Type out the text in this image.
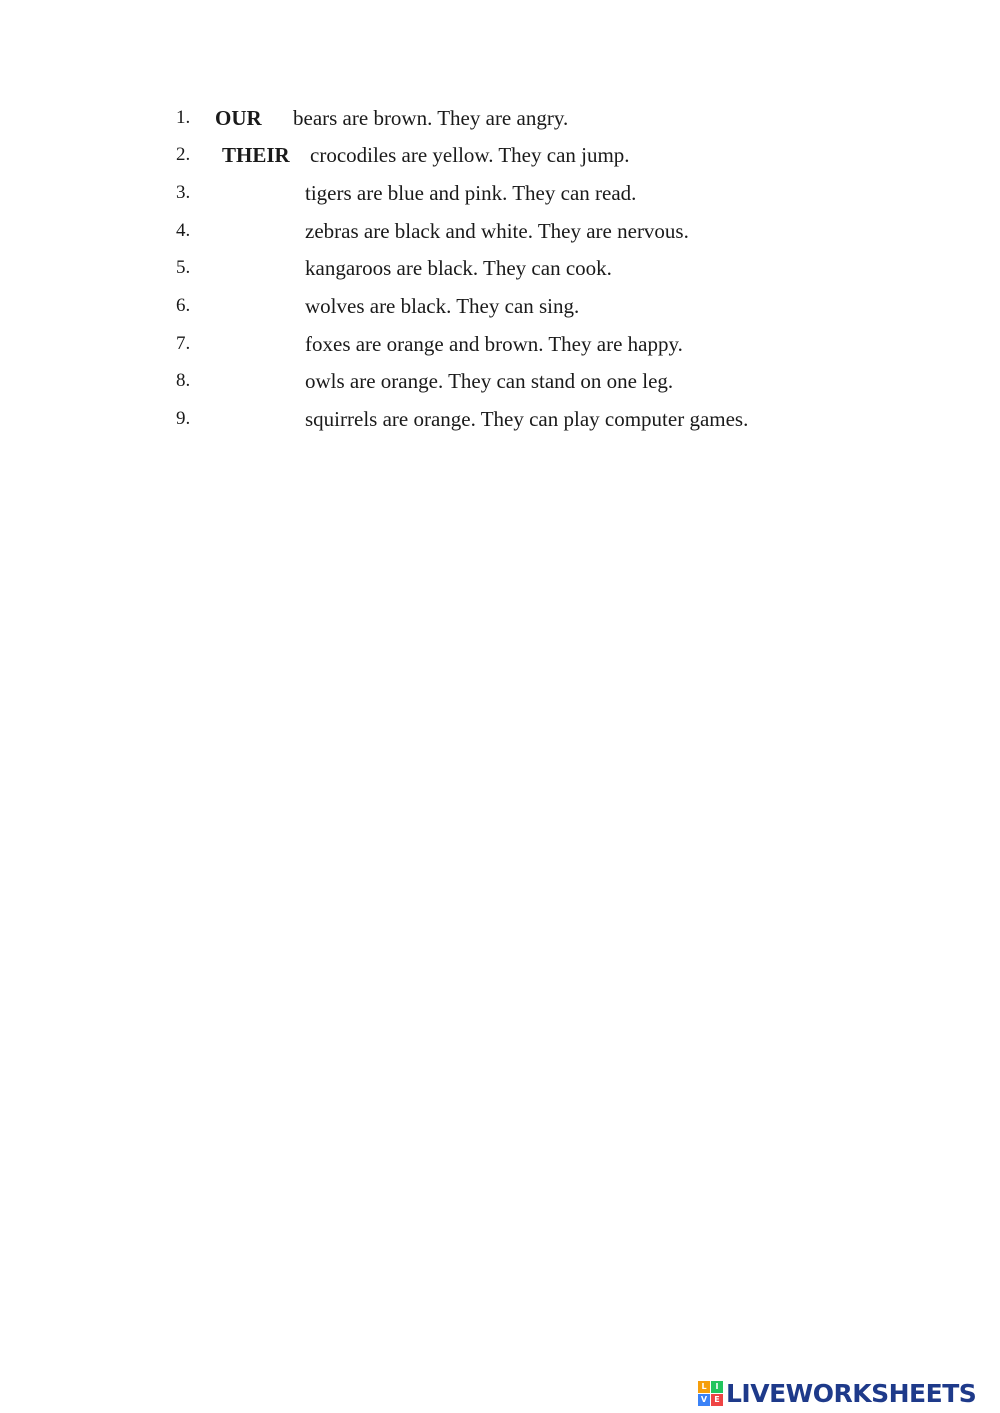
1. OUR bears are brown. They are angry.
2. THEIR crocodiles are yellow. They can jump.
3.	tigers are blue and pink. They can read.
4.	zebras are black and white. They are nervous.
5.	kangaroos are black. They can cook.
6.	wolves are black. They can sing.
7.	foxes are orange and brown. They are happy.
8.	owls are orange. They can stand on one leg.
9.	squirrels are orange. They can play computer games.
L	I
V E LIVEWORKSHEETS
